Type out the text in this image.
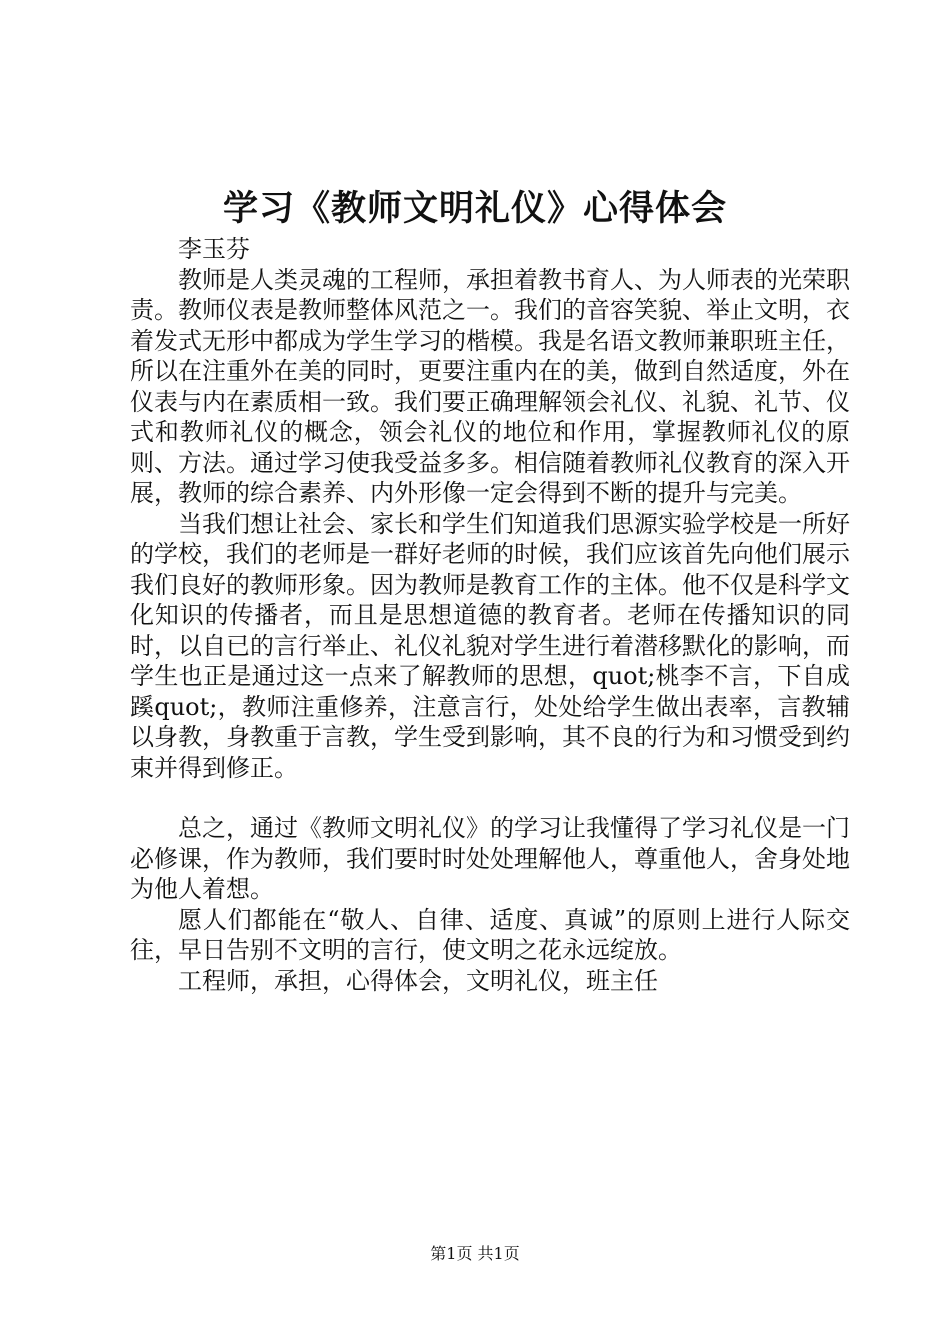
学习《教师文明礼仪》心得体会

李玉芬

教师是人类灵魂的工程师，承担着教书育人、为人师表的光荣职责。教师仪表是教师整体风范之一。我们的音容笑貌、举止文明，衣着发式无形中都成为学生学习的楷模。我是名语文教师兼职班主任，所以在注重外在美的同时，更要注重内在的美，做到自然适度，外在仪表与内在素质相一致。我们要正确理解领会礼仪、礼貌、礼节、仪式和教师礼仪的概念，领会礼仪的地位和作用，掌握教师礼仪的原则、方法。通过学习使我受益多多。相信随着教师礼仪教育的深入开展，教师的综合素养、内外形像一定会得到不断的提升与完美。

当我们想让社会、家长和学生们知道我们思源实验学校是一所好的学校，我们的老师是一群好老师的时候，我们应该首先向他们展示我们良好的教师形象。因为教师是教育工作的主体。他不仅是科学文化知识的传播者，而且是思想道德的教育者。老师在传播知识的同时，以自已的言行举止、礼仪礼貌对学生进行着潜移默化的影响，而学生也正是通过这一点来了解教师的思想，quot;桃李不言，下自成蹊quot;，教师注重修养，注意言行，处处给学生做出表率，言教辅以身教，身教重于言教，学生受到影响，其不良的行为和习惯受到约束并得到修正。

总之，通过《教师文明礼仪》的学习让我懂得了学习礼仪是一门必修课，作为教师，我们要时时处处理解他人，尊重他人，舍身处地为他人着想。

愿人们都能在“敬人、自律、适度、真诚”的原则上进行人际交往，早日告别不文明的言行，使文明之花永远绽放。

工程师，承担，心得体会，文明礼仪，班主任

第1页 共1页
